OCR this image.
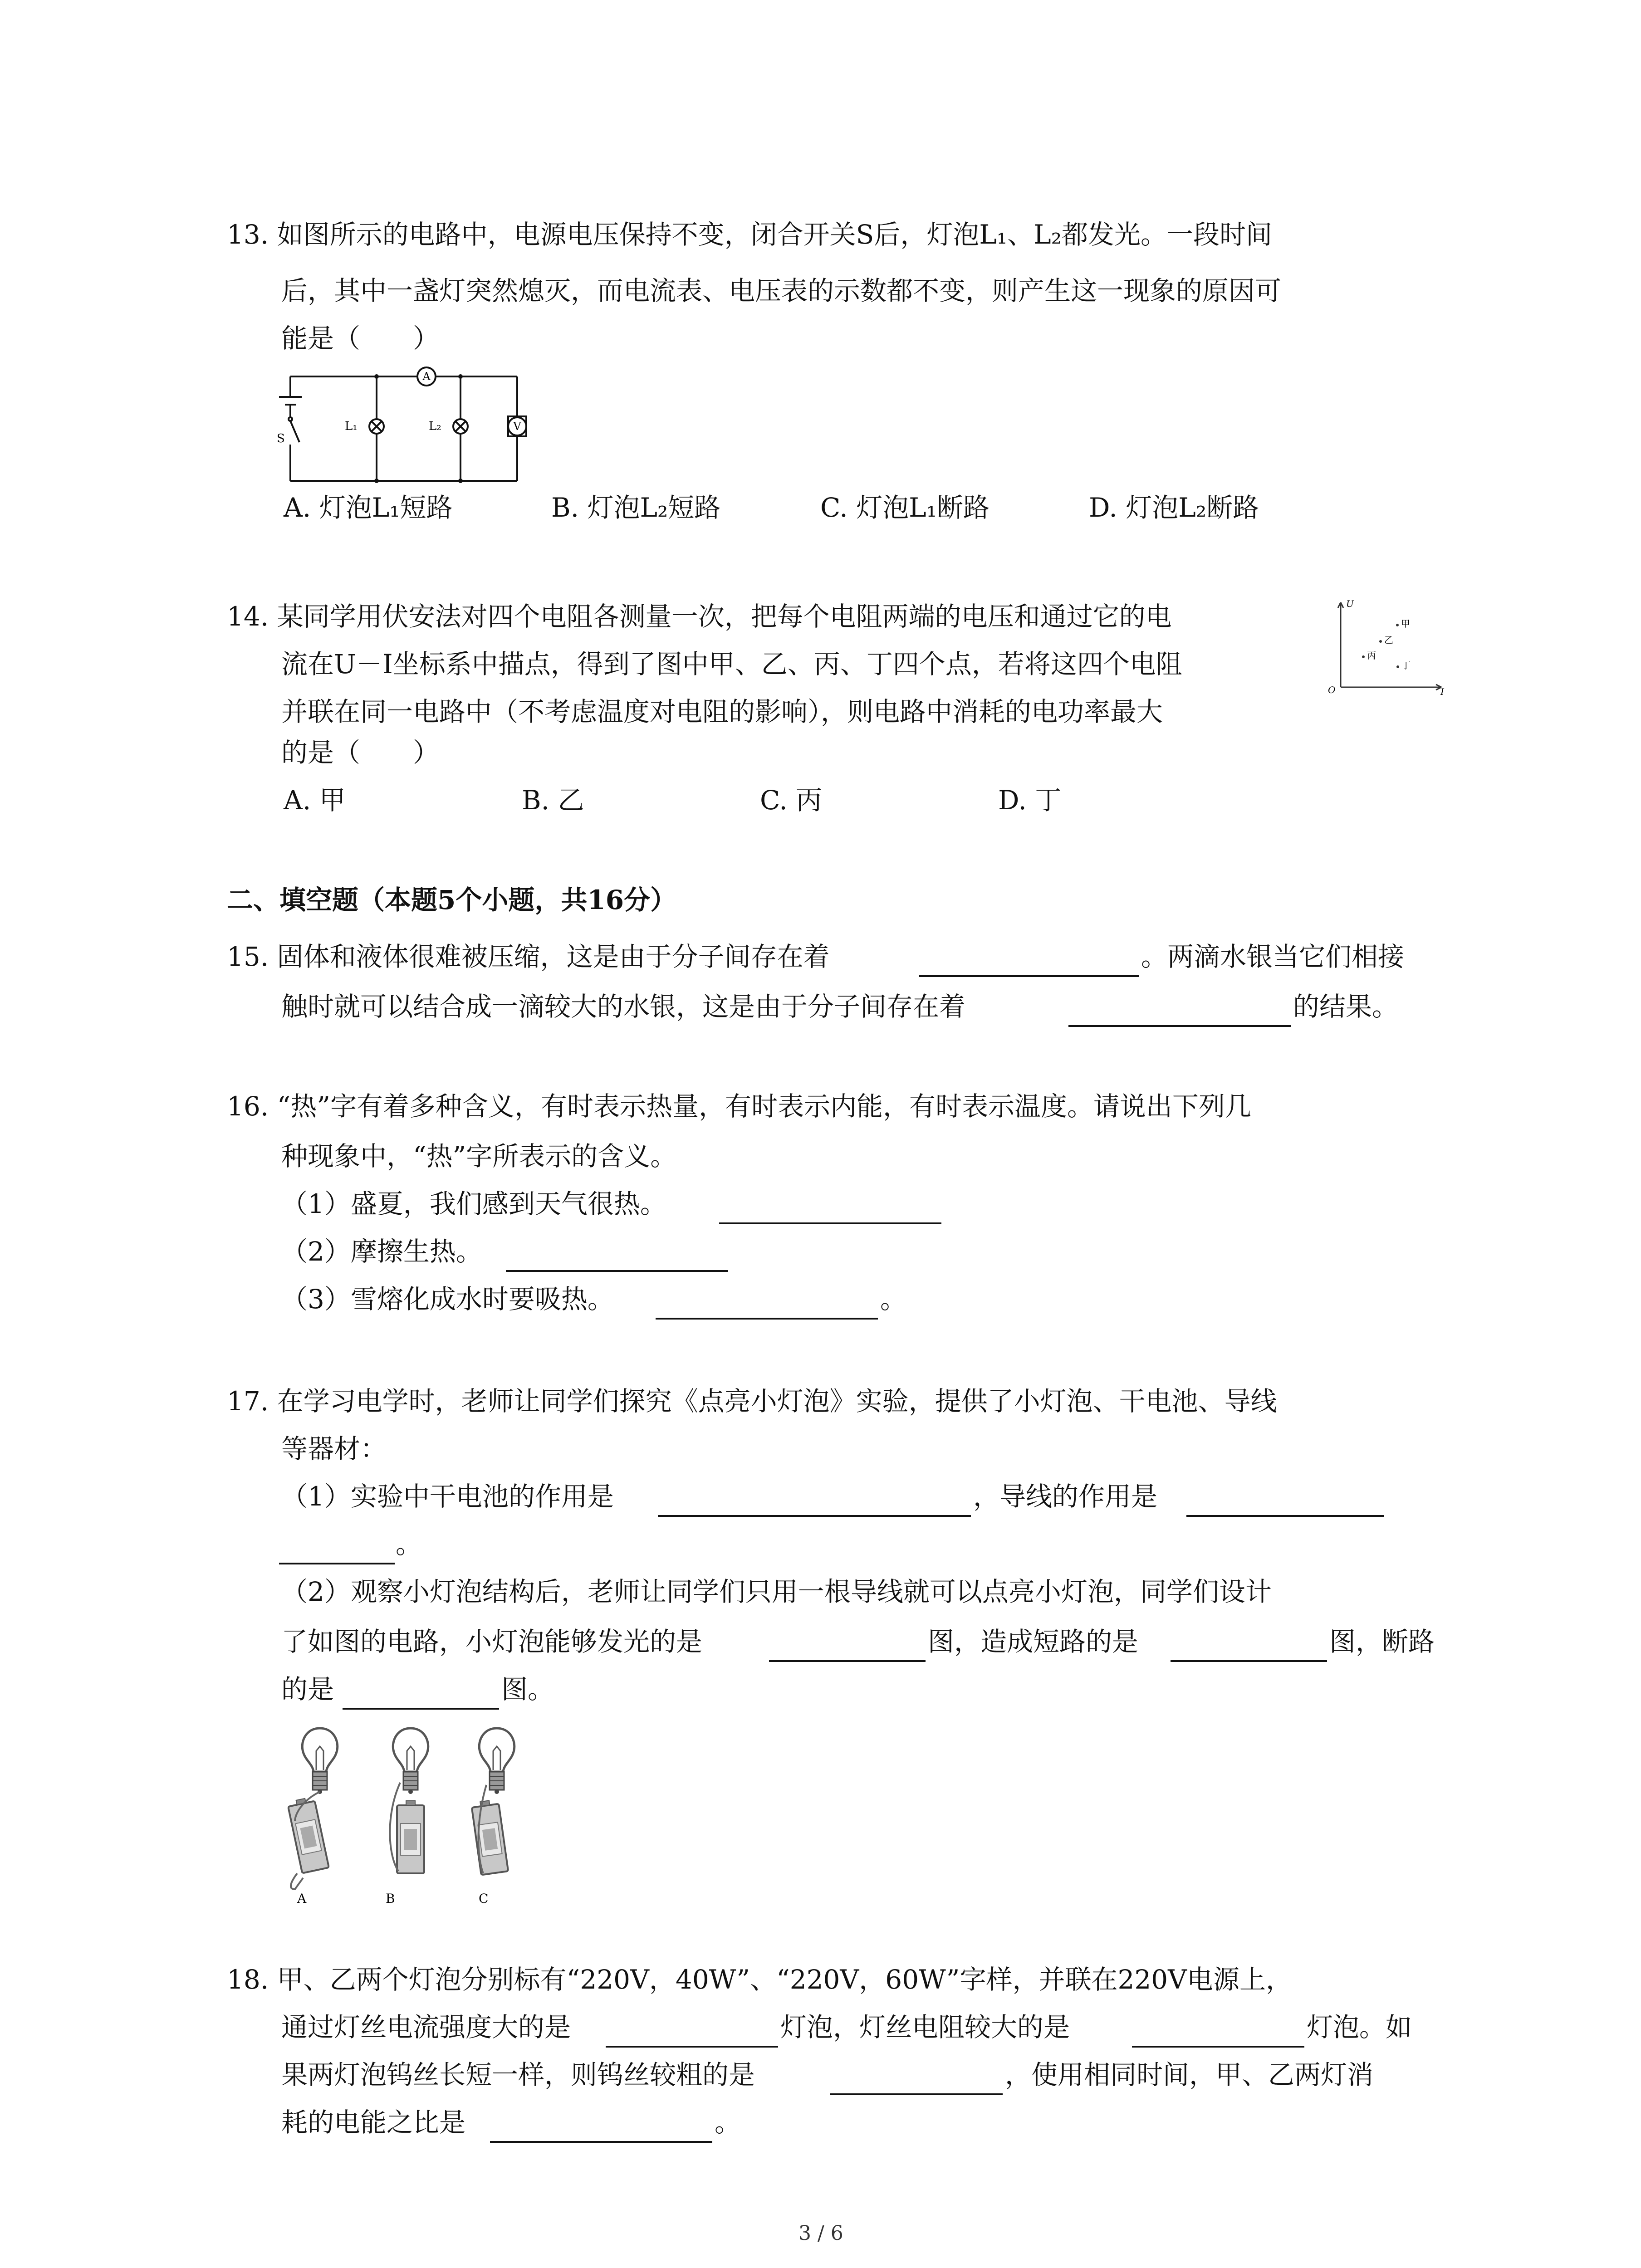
13. 如图所示的电路中，电源电压保持不变，闭合开关S后，灯泡L₁、L₂都发光。一段时间
后，其中一盏灯突然熄灭，而电流表、电压表的示数都不变，则产生这一现象的原因可
能是（　　）
A
V
S
L₁	L₂
A. 灯泡L₁短路	B. 灯泡L₂短路	C. 灯泡L₁断路	D. 灯泡L₂断路
14. 某同学用伏安法对四个电阻各测量一次，把每个电阻两端的电压和通过它的电
流在U－I坐标系中描点，得到了图中甲、乙、丙、丁四个点，若将这四个电阻
并联在同一电路中（不考虑温度对电阻的影响），则电路中消耗的电功率最大
的是（　　）
U
I
O
甲
乙
丙
丁
A. 甲	B. 乙	C. 丙	D. 丁
二、填空题（本题5个小题，共16分）
15. 固体和液体很难被压缩，这是由于分子间存在着	。两滴水银当它们相接
触时就可以结合成一滴较大的水银，这是由于分子间存在着	的结果。
16. “热”字有着多种含义，有时表示热量，有时表示内能，有时表示温度。请说出下列几
种现象中，“热”字所表示的含义。
（1）盛夏，我们感到天气很热。
（2）摩擦生热。
（3）雪熔化成水时要吸热。	。
17. 在学习电学时，老师让同学们探究《点亮小灯泡》实验，提供了小灯泡、干电池、导线
等器材：
（1）实验中干电池的作用是	，导线的作用是
。
（2）观察小灯泡结构后，老师让同学们只用一根导线就可以点亮小灯泡，同学们设计
了如图的电路，小灯泡能够发光的是	图，造成短路的是	图，断路
的是	图。
A	B	C
18. 甲、乙两个灯泡分别标有“220V，40W”、“220V，60W”字样，并联在220V电源上，
通过灯丝电流强度大的是	灯泡，灯丝电阻较大的是	灯泡。如
果两灯泡钨丝长短一样，则钨丝较粗的是	，使用相同时间，甲、乙两灯消
耗的电能之比是	。
3 / 6
